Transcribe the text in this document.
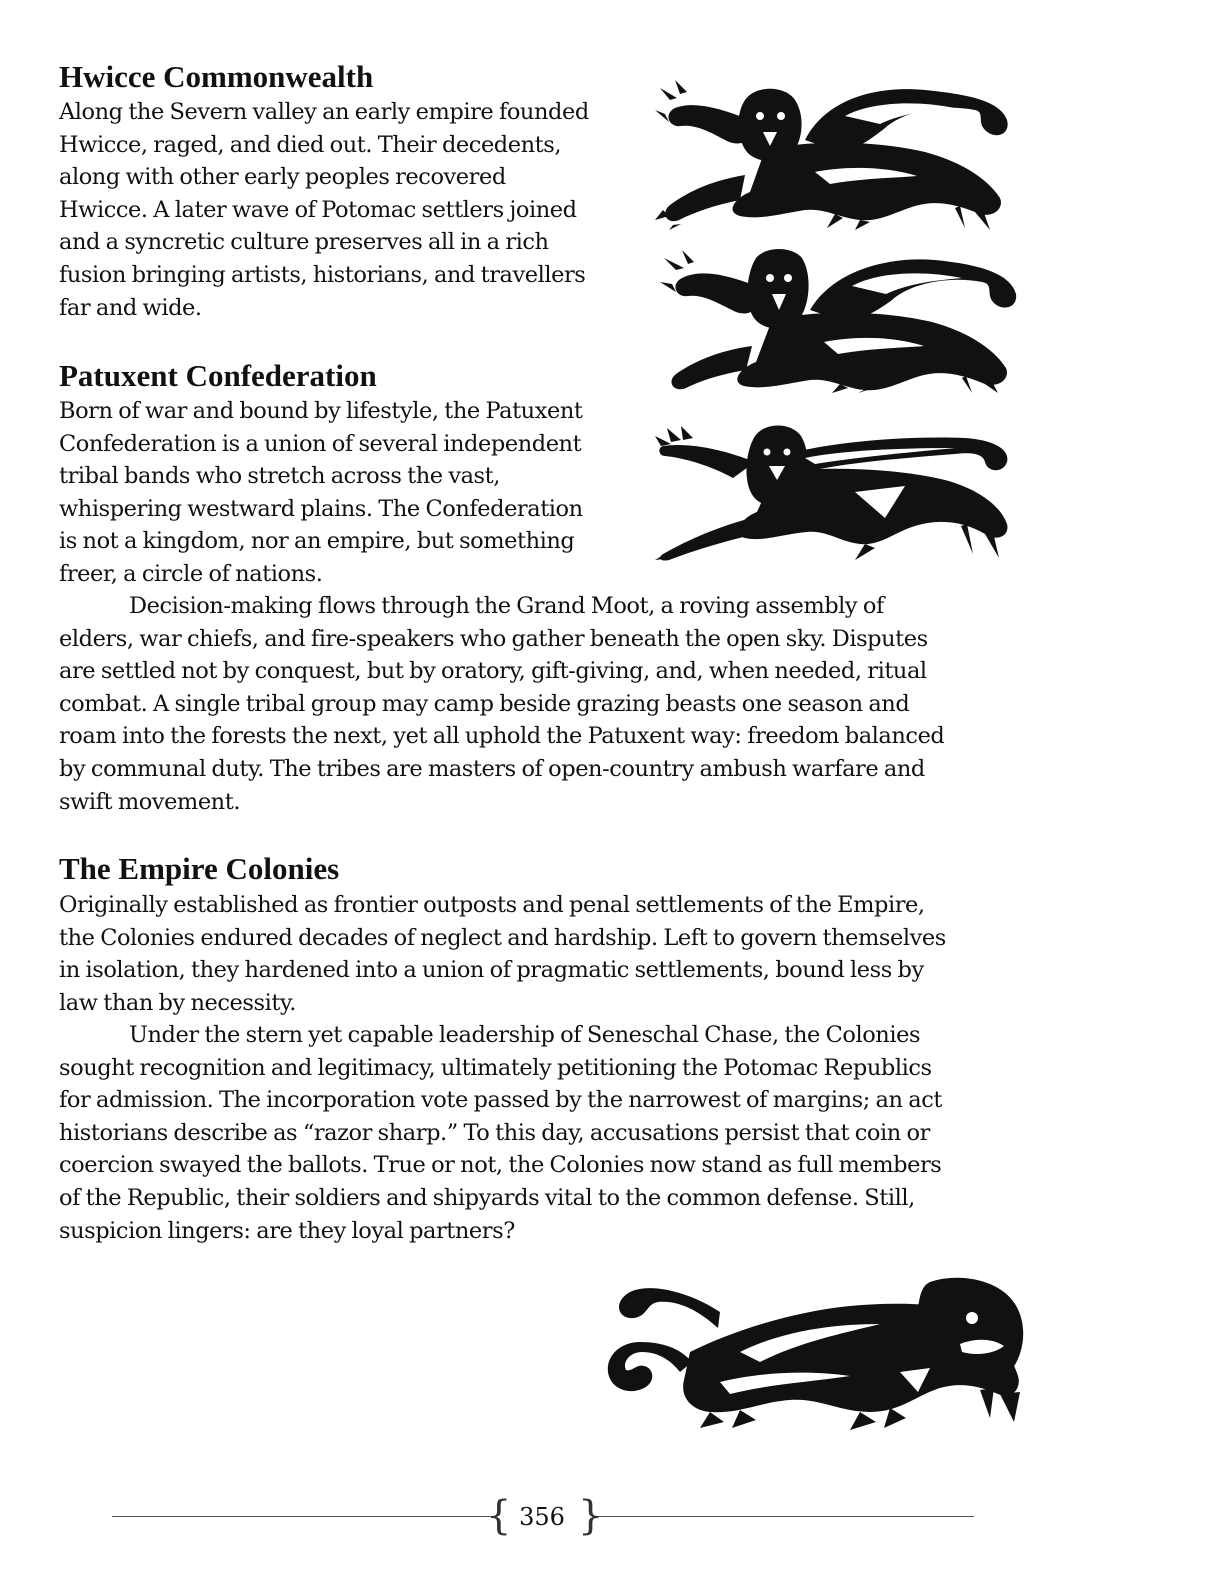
Hwicce Commonwealth

Along the Severn valley an early empire founded
Hwicce, raged, and died out. Their decedents,
along with other early peoples recovered
Hwicce. A later wave of Potomac settlers joined
and a syncretic culture preserves all in a rich
fusion bringing artists, historians, and travellers
far and wide.

Patuxent Confederation

Born of war and bound by lifestyle, the Patuxent
Confederation is a union of several independent
tribal bands who stretch across the vast,
whispering westward plains. The Confederation
is not a kingdom, nor an empire, but something
freer, a circle of nations.

Decision-making flows through the Grand Moot, a roving assembly of
elders, war chiefs, and fire-speakers who gather beneath the open sky. Disputes
are settled not by conquest, but by oratory, gift-giving, and, when needed, ritual
combat. A single tribal group may camp beside grazing beasts one season and
roam into the forests the next, yet all uphold the Patuxent way: freedom balanced
by communal duty. The tribes are masters of open-country ambush warfare and
swift movement.

The Empire Colonies

Originally established as frontier outposts and penal settlements of the Empire,
the Colonies endured decades of neglect and hardship. Left to govern themselves
in isolation, they hardened into a union of pragmatic settlements, bound less by
law than by necessity.

Under the stern yet capable leadership of Seneschal Chase, the Colonies
sought recognition and legitimacy, ultimately petitioning the Potomac Republics
for admission. The incorporation vote passed by the narrowest of margins; an act
historians describe as “razor sharp.” To this day, accusations persist that coin or
coercion swayed the ballots. True or not, the Colonies now stand as full members
of the Republic, their soldiers and shipyards vital to the common defense. Still,
suspicion lingers: are they loyal partners?

{ }
356
